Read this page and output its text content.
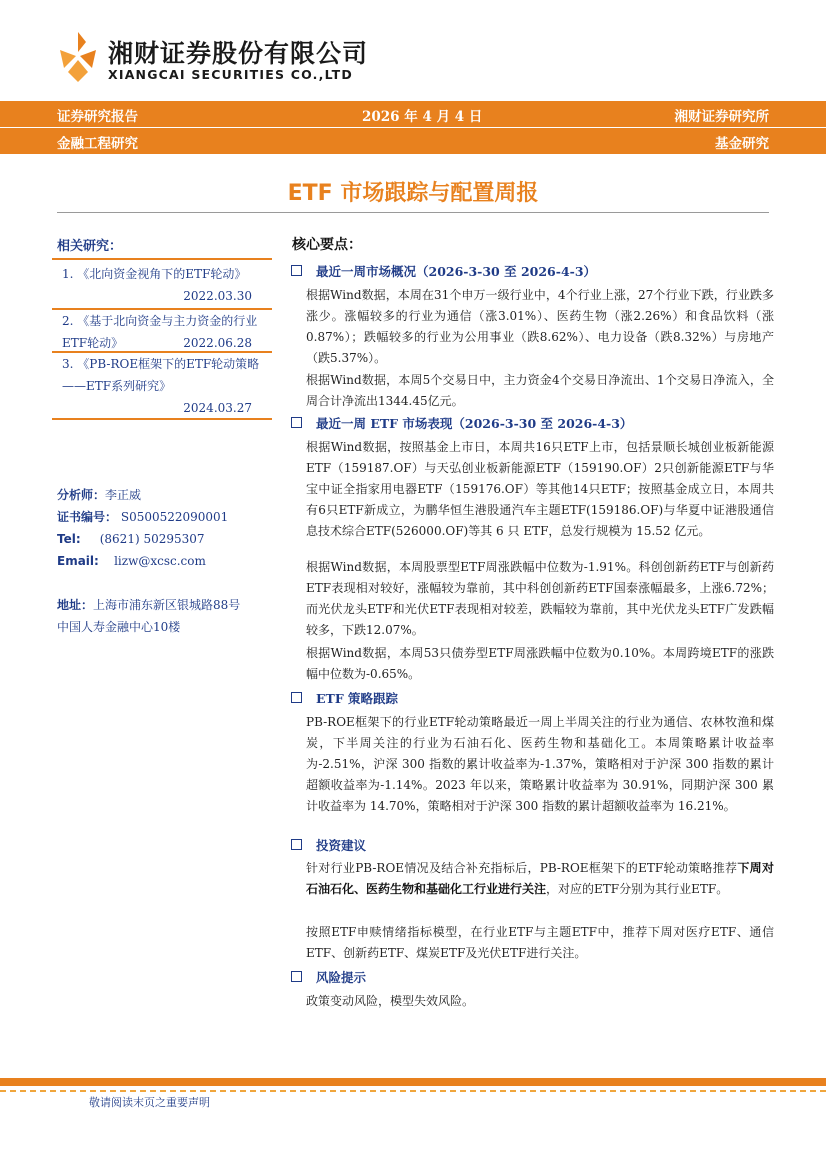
湘财证券股份有限公司
XIANGCAI SECURITIES CO.,LTD
证券研究报告	2026 年 4 月 4 日	湘财证券研究所
金融工程研究	基金研究
ETF 市场跟踪与配置周报
相关研究：
1. 《北向资金视角下的ETF轮动》
2022.03.30
2. 《基于北向资金与主力资金的行业ETF轮动》	2022.06.28
3. 《PB-ROE框架下的ETF轮动策略——ETF系列研究》
2024.03.27
分析师：李正威
证书编号： S0500522090001
Tel: (8621) 50295307
Email: lizw@xcsc.com
地址：上海市浦东新区银城路88号
中国人寿金融中心10楼
核心要点：
最近一周市场概况（2026-3-30 至 2026-4-3）
根据Wind数据，本周在31个申万一级行业中，4个行业上涨，27个行业下跌，行业跌多涨少。涨幅较多的行业为通信（涨3.01%）、医药生物（涨2.26%）和食品饮料（涨0.87%）；跌幅较多的行业为公用事业（跌8.62%）、电力设备（跌8.32%）与房地产（跌5.37%）。
根据Wind数据，本周5个交易日中，主力资金4个交易日净流出、1个交易日净流入，全周合计净流出1344.45亿元。
最近一周 ETF 市场表现（2026-3-30 至 2026-4-3）
根据Wind数据，按照基金上市日，本周共16只ETF上市，包括景顺长城创业板新能源ETF（159187.OF）与天弘创业板新能源ETF（159190.OF）2只创新能源ETF与华宝中证全指家用电器ETF（159176.OF）等其他14只ETF；按照基金成立日，本周共有6只ETF新成立，为鹏华恒生港股通汽车主题ETF(159186.OF)与华夏中证港股通信息技术综合ETF(526000.OF)等其 6 只 ETF，总发行规模为 15.52 亿元。
根据Wind数据，本周股票型ETF周涨跌幅中位数为-1.91%。科创创新药ETF与创新药ETF表现相对较好，涨幅较为靠前，其中科创创新药ETF国泰涨幅最多，上涨6.72%；而光伏龙头ETF和光伏ETF表现相对较差，跌幅较为靠前，其中光伏龙头ETF广发跌幅较多，下跌12.07%。
根据Wind数据，本周53只债券型ETF周涨跌幅中位数为0.10%。本周跨境ETF的涨跌幅中位数为-0.65%。
ETF 策略跟踪
PB-ROE框架下的行业ETF轮动策略最近一周上半周关注的行业为通信、农林牧渔和煤炭，下半周关注的行业为石油石化、医药生物和基础化工。本周策略累计收益率为-2.51%，沪深 300 指数的累计收益率为-1.37%，策略相对于沪深 300 指数的累计超额收益率为-1.14%。2023 年以来，策略累计收益率为 30.91%，同期沪深 300 累计收益率为 14.70%，策略相对于沪深 300 指数的累计超额收益率为 16.21%。
投资建议
针对行业PB-ROE情况及结合补充指标后，PB-ROE框架下的ETF轮动策略推荐下周对石油石化、医药生物和基础化工行业进行关注，对应的ETF分别为其行业ETF。
按照ETF申赎情绪指标模型，在行业ETF与主题ETF中，推荐下周对医疗ETF、通信ETF、创新药ETF、煤炭ETF及光伏ETF进行关注。
风险提示
政策变动风险，模型失效风险。
敬请阅读末页之重要声明
